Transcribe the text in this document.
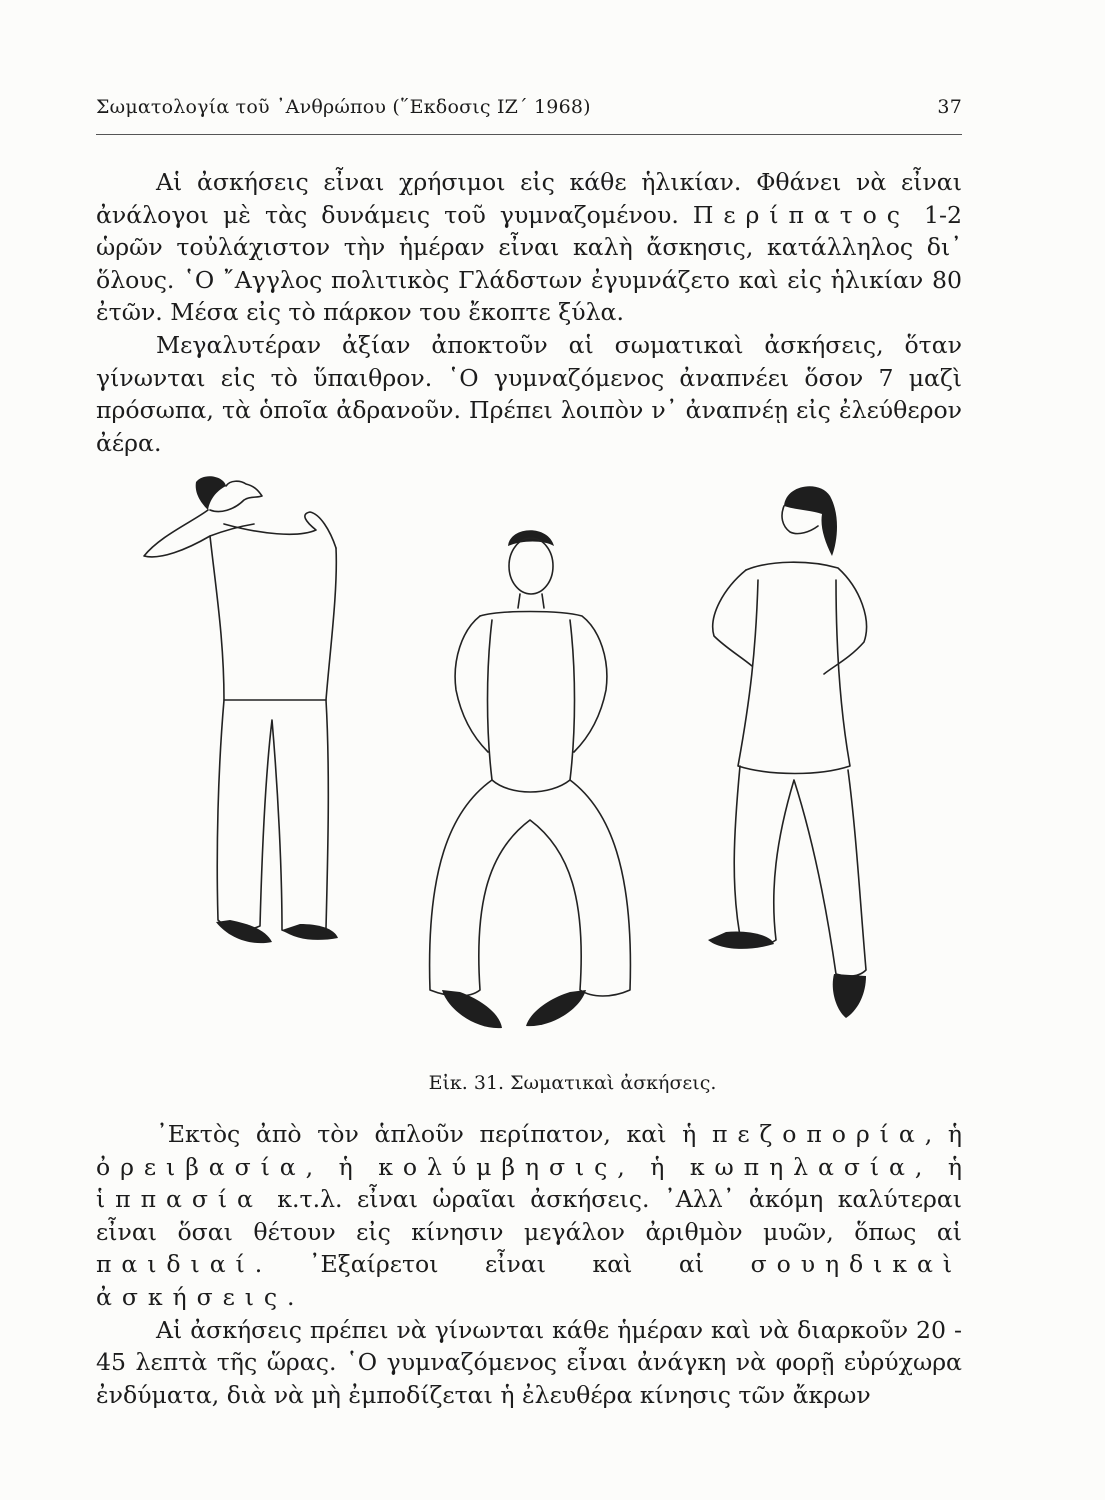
Σωματολογία τοῦ ᾿Ανθρώπου (῞Εκδοσις ΙΖ΄ 1968)	37

Αἱ ἀσκήσεις εἶναι χρήσιμοι εἰς κάθε ἡλικίαν. Φθάνει νὰ εἶναι ἀνάλογοι μὲ τὰς δυνάμεις τοῦ γυμναζομένου. Περίπατος 1-2 ὡρῶν τοὐλάχιστον τὴν ἡμέραν εἶναι καλὴ ἄσκησις, κατάλληλος δι᾽ ὅλους. ῾Ο ῎Αγγλος πολιτικὸς Γλάδστων ἐγυμνάζετο καὶ εἰς ἡλικίαν 80 ἐτῶν. Μέσα εἰς τὸ πάρκον του ἔκοπτε ξύλα.

Μεγαλυτέραν ἀξίαν ἀποκτοῦν αἱ σωματικαὶ ἀσκήσεις, ὅταν γίνωνται εἰς τὸ ὕπαιθρον. ῾Ο γυμναζόμενος ἀναπνέει ὅσον 7 μαζὶ πρόσωπα, τὰ ὁποῖα ἀδρανοῦν. Πρέπει λοιπὸν ν᾽ ἀναπνέῃ εἰς ἐλεύθερον ἀέρα.

Εἰκ. 31. Σωματικαὶ ἀσκήσεις.

᾿Εκτὸς ἀπὸ τὸν ἁπλοῦν περίπατον, καὶ ἡ πεζοπορία, ἡ ὀρειβασία, ἡ κολύμβησις, ἡ κωπηλασία, ἡ ἱππασία κ.τ.λ. εἶναι ὡραῖαι ἀσκήσεις. ᾿Αλλ᾽ ἀκόμη καλύτεραι εἶναι ὅσαι θέτουν εἰς κίνησιν μεγάλον ἀριθμὸν μυῶν, ὅπως αἱ παιδιαί. ᾿Εξαίρετοι εἶναι καὶ αἱ σουηδικαὶ ἀσκήσεις.

Αἱ ἀσκήσεις πρέπει νὰ γίνωνται κάθε ἡμέραν καὶ νὰ διαρκοῦν 20 - 45 λεπτὰ τῆς ὥρας. ῾Ο γυμναζόμενος εἶναι ἀνάγκη νὰ φορῇ εὐρύχωρα ἐνδύματα, διὰ νὰ μὴ ἐμποδίζεται ἡ ἐλευθέρα κίνησις τῶν ἄκρων
